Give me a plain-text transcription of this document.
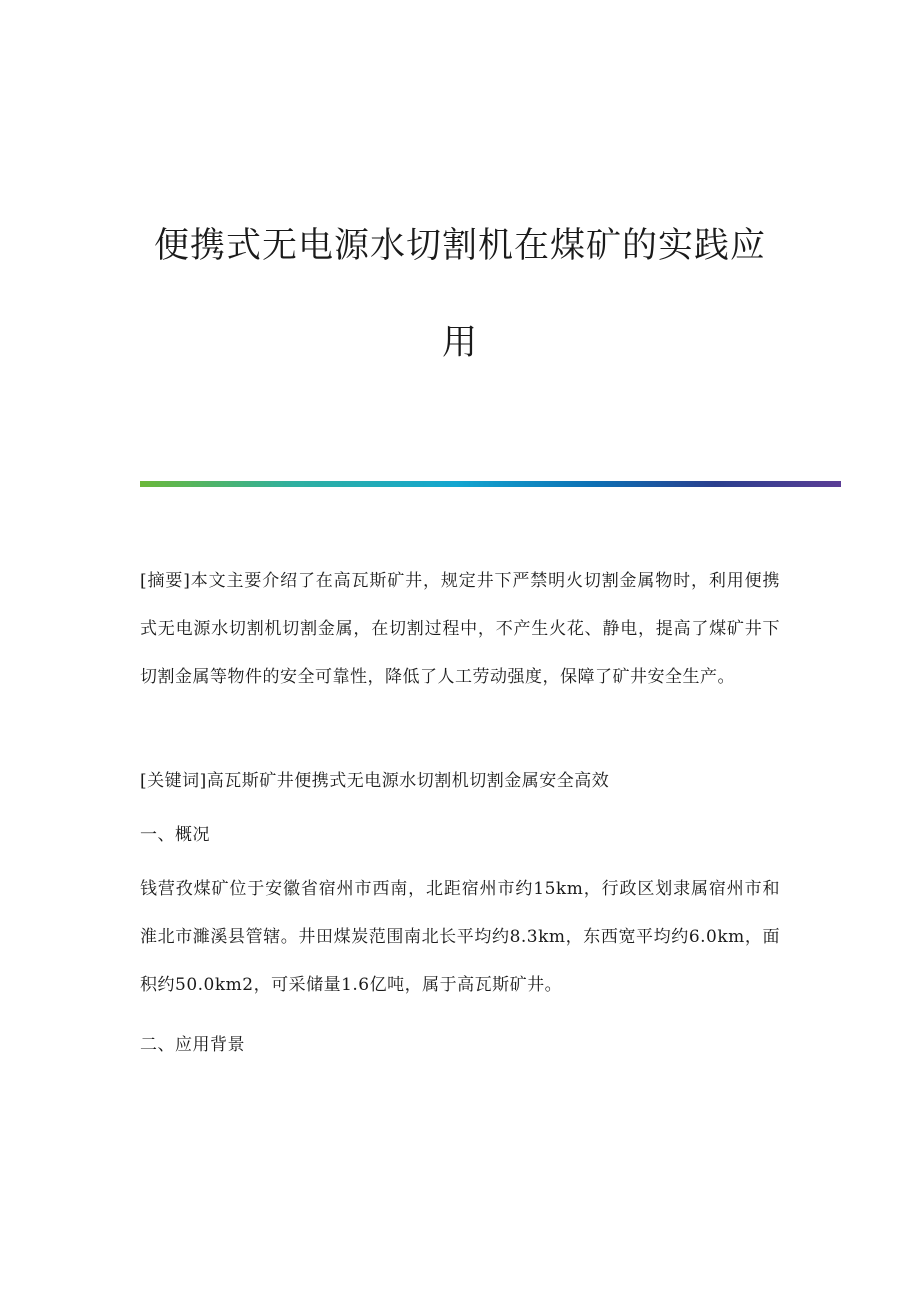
便携式无电源水切割机在煤矿的实践应
用

[摘要]本文主要介绍了在高瓦斯矿井，规定井下严禁明火切割金属物时，利用便携式无电源水切割机切割金属，在切割过程中，不产生火花、静电，提高了煤矿井下切割金属等物件的安全可靠性，降低了人工劳动强度，保障了矿井安全生产。

[关键词]高瓦斯矿井便携式无电源水切割机切割金属安全高效

一、概况

钱营孜煤矿位于安徽省宿州市西南，北距宿州市约15km，行政区划隶属宿州市和淮北市濉溪县管辖。井田煤炭范围南北长平均约8.3km，东西宽平均约6.0km，面积约50.0km2，可采储量1.6亿吨，属于高瓦斯矿井。

二、应用背景
